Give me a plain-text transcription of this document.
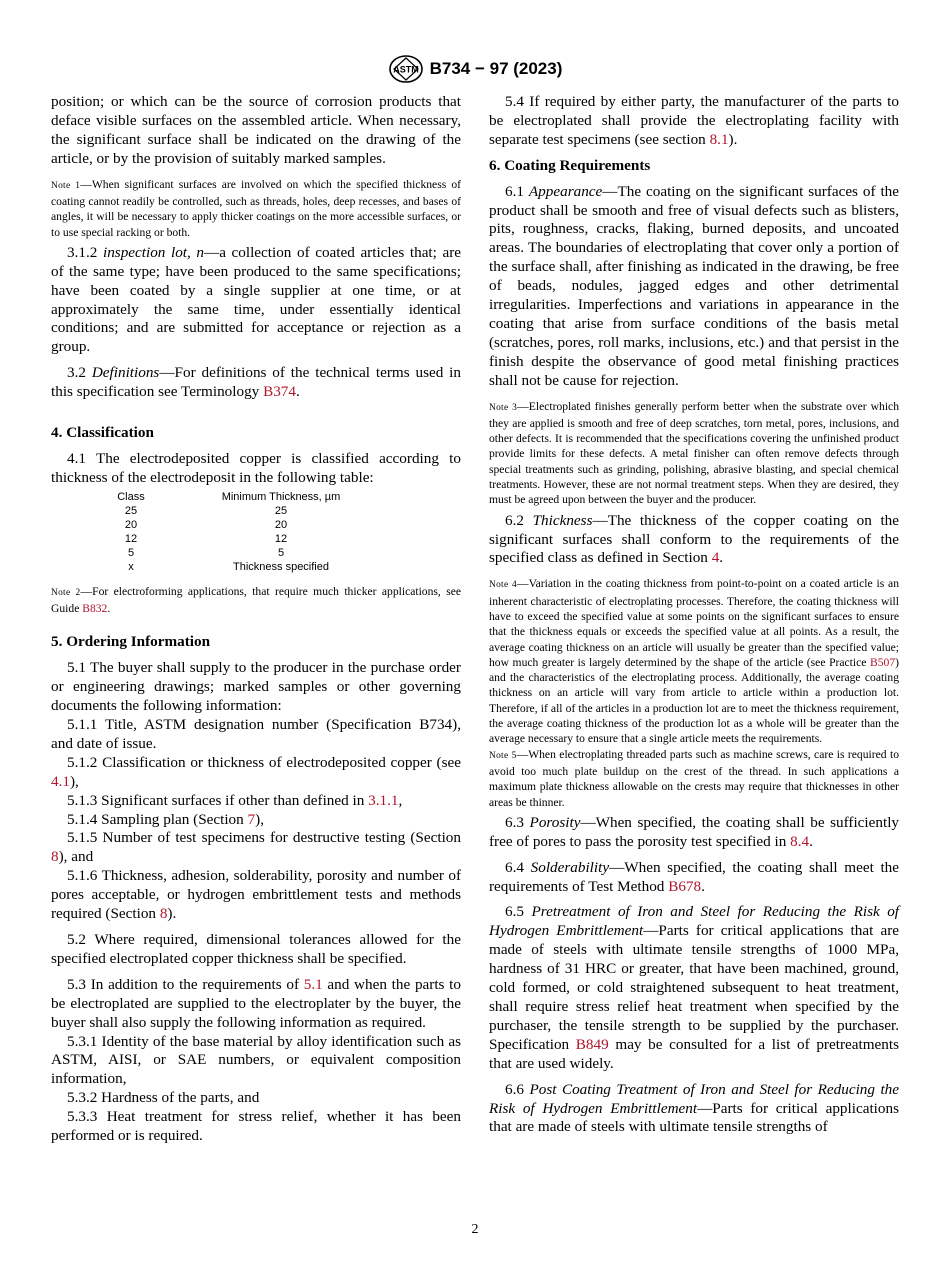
ASTM B734 − 97 (2023)

position; or which can be the source of corrosion products that deface visible surfaces on the assembled article. When necessary, the significant surface shall be indicated on the drawing of the article, or by the provision of suitably marked samples.

Note 1—When significant surfaces are involved on which the specified thickness of coating cannot readily be controlled, such as threads, holes, deep recesses, and bases of angles, it will be necessary to apply thicker coatings on the more accessible surfaces, or to use special racking or both.

3.1.2 inspection lot, n—a collection of coated articles that; are of the same type; have been produced to the same specifications; have been coated by a single supplier at one time, or at approximately the same time, under essentially identical conditions; and are submitted for acceptance or rejection as a group.

3.2 Definitions—For definitions of the technical terms used in this specification see Terminology B374.

4. Classification

4.1 The electrodeposited copper is classified according to thickness of the electrodeposit in the following table:

Class	Minimum Thickness, µm
25	25
20	20
12	12
5	5
x	Thickness specified

Note 2—For electroforming applications, that require much thicker applications, see Guide B832.

5. Ordering Information

5.1 The buyer shall supply to the producer in the purchase order or engineering drawings; marked samples or other governing documents the following information:

5.1.1 Title, ASTM designation number (Specification B734), and date of issue.

5.1.2 Classification or thickness of electrodeposited copper (see 4.1),

5.1.3 Significant surfaces if other than defined in 3.1.1,

5.1.4 Sampling plan (Section 7),

5.1.5 Number of test specimens for destructive testing (Section 8), and

5.1.6 Thickness, adhesion, solderability, porosity and number of pores acceptable, or hydrogen embrittlement tests and methods required (Section 8).

5.2 Where required, dimensional tolerances allowed for the specified electroplated copper thickness shall be specified.

5.3 In addition to the requirements of 5.1 and when the parts to be electroplated are supplied to the electroplater by the buyer, the buyer shall also supply the following information as required.

5.3.1 Identity of the base material by alloy identification such as ASTM, AISI, or SAE numbers, or equivalent composition information,

5.3.2 Hardness of the parts, and

5.3.3 Heat treatment for stress relief, whether it has been performed or is required.

5.4 If required by either party, the manufacturer of the parts to be electroplated shall provide the electroplating facility with separate test specimens (see section 8.1).

6. Coating Requirements

6.1 Appearance—The coating on the significant surfaces of the product shall be smooth and free of visual defects such as blisters, pits, roughness, cracks, flaking, burned deposits, and uncoated areas. The boundaries of electroplating that cover only a portion of the surface shall, after finishing as indicated in the drawing, be free of beads, nodules, jagged edges and other detrimental irregularities. Imperfections and variations in appearance in the coating that arise from surface conditions of the basis metal (scratches, pores, roll marks, inclusions, etc.) and that persist in the finish despite the observance of good metal finishing practices shall not be cause for rejection.

Note 3—Electroplated finishes generally perform better when the substrate over which they are applied is smooth and free of deep scratches, torn metal, pores, inclusions, and other defects. It is recommended that the specifications covering the unfinished product provide limits for these defects. A metal finisher can often remove defects through special treatments such as grinding, polishing, abrasive blasting, and special chemical treatments. However, these are not normal treatment steps. When they are desired, they must be agreed upon between the buyer and the producer.

6.2 Thickness—The thickness of the copper coating on the significant surfaces shall conform to the requirements of the specified class as defined in Section 4.

Note 4—Variation in the coating thickness from point-to-point on a coated article is an inherent characteristic of electroplating processes. Therefore, the coating thickness will have to exceed the specified value at some points on the significant surfaces to ensure that the thickness equals or exceeds the specified value at all points. As a result, the average coating thickness on an article will usually be greater than the specified value; how much greater is largely determined by the shape of the article (see Practice B507) and the characteristics of the electroplating process. Additionally, the average coating thickness on an article will vary from article to article within a production lot. Therefore, if all of the articles in a production lot are to meet the thickness requirement, the average coating thickness of the production lot as a whole will be greater than the average necessary to ensure that a single article meets the requirements.

Note 5—When electroplating threaded parts such as machine screws, care is required to avoid too much plate buildup on the crest of the thread. In such applications a maximum plate thickness allowable on the crests may require that thicknesses in other areas be thinner.

6.3 Porosity—When specified, the coating shall be sufficiently free of pores to pass the porosity test specified in 8.4.

6.4 Solderability—When specified, the coating shall meet the requirements of Test Method B678.

6.5 Pretreatment of Iron and Steel for Reducing the Risk of Hydrogen Embrittlement—Parts for critical applications that are made of steels with ultimate tensile strengths of 1000 MPa, hardness of 31 HRC or greater, that have been machined, ground, cold formed, or cold straightened subsequent to heat treatment, shall require stress relief heat treatment when specified by the purchaser, the tensile strength to be supplied by the purchaser. Specification B849 may be consulted for a list of pretreatments that are used widely.

6.6 Post Coating Treatment of Iron and Steel for Reducing the Risk of Hydrogen Embrittlement—Parts for critical applications that are made of steels with ultimate tensile strengths of

2
